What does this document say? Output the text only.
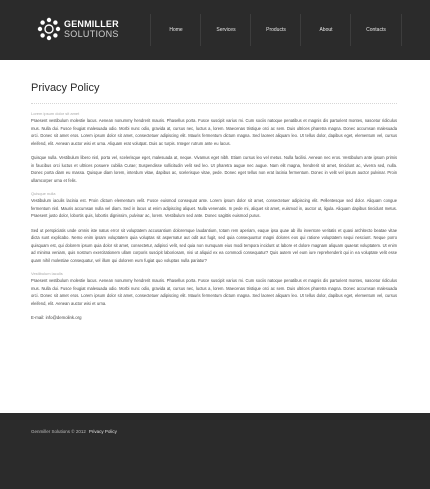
GENMILLER
SOLUTIONS	Home	Services	Products	About	Contacts
Privacy Policy

Lorem ipsum dolor sit amet

Praesent vestibulum molestie lacus. Aenean nonummy hendrerit mauris. Phasellus porta. Fusce suscipit varius mi. Cum sociis natoque penatibus et magnis dis parturient montes, nascetur ridiculus mus. Nulla dui. Fusce feugiat malesuada odio. Morbi nunc odio, gravida at, cursus nec, luctus a, lorem. Maecenas tristique orci ac sem. Duis ultrices pharetra magna. Donec accumsan malesuada orci. Donec sit amet eros. Lorem ipsum dolor sit amet, consectetuer adipiscing elit. Mauris fermentum dictum magna. Sed laoreet aliquam leo. Ut tellus dolor, dapibus eget, elementum vel, cursus eleifend, elit. Aenean auctor wisi et urna. Aliquam erat volutpat. Duis ac turpis. Integer rutrum ante eu lacus.

Quisque nulla. Vestibulum libero nisl, porta vel, scelerisque eget, malesuada at, neque. Vivamus eget nibh. Etiam cursus leo vel metus. Nulla facilisi. Aenean nec eros. Vestibulum ante ipsum primis in faucibus orci luctus et ultrices posuere cubilia Curae; Suspendisse sollicitudin velit sed leo. Ut pharetra augue nec augue. Nam elit magna, hendrerit sit amet, tincidunt ac, viverra sed, nulla. Donec porta diam eu massa. Quisque diam lorem, interdum vitae, dapibus ac, scelerisque vitae, pede. Donec eget tellus non erat lacinia fermentum. Donec in velit vel ipsum auctor pulvinar. Proin ullamcorper urna et felis.

Quisque nulla

Vestibulum iaculis lacinia est. Proin dictum elementum velit. Fusce euismod consequat ante. Lorem ipsum dolor sit amet, consectetuer adipiscing elit. Pellentesque sed dolor. Aliquam congue fermentum nisl. Mauris accumsan nulla vel diam. Sed in lacus ut enim adipiscing aliquet. Nulla venenatis. In pede mi, aliquet sit amet, euismod in, auctor ut, ligula. Aliquam dapibus tincidunt metus. Praesent justo dolor, lobortis quis, lobortis dignissim, pulvinar ac, lorem. Vestibulum sed ante. Donec sagittis euismod purus.

Sed ut perspiciatis unde omnis iste natus error sit voluptatem accusantium doloremque laudantium, totam rem aperiam, eaque ipsa quae ab illo inventore veritatis et quasi architecto beatae vitae dicta sunt explicabo. Nemo enim ipsam voluptatem quia voluptas sit aspernatur aut odit aut fugit, sed quia consequuntur magni dolores eos qui ratione voluptatem sequi nesciunt. Neque porro quisquam est, qui dolorem ipsum quia dolor sit amet, consectetur, adipisci velit, sed quia non numquam eius modi tempora incidunt ut labore et dolore magnam aliquam quaerat voluptatem. Ut enim ad minima veniam, quis nostrum exercitationem ullam corporis suscipit laboriosam, nisi ut aliquid ex ea commodi consequatur? Quis autem vel eum iure reprehenderit qui in ea voluptate velit esse quam nihil molestiae consequatur, vel illum qui dolorem eum fugiat quo voluptas nulla pariatur?

Vestibulum iaculis

Praesent vestibulum molestie lacus. Aenean nonummy hendrerit mauris. Phasellus porta. Fusce suscipit varius mi. Cum sociis natoque penatibus et magnis dis parturient montes, nascetur ridiculus mus. Nulla dui. Fusce feugiat malesuada odio. Morbi nunc odio, gravida at, cursus nec, luctus a, lorem. Maecenas tristique orci ac sem. Duis ultrices pharetra magna. Donec accumsan malesuada orci. Donec sit amet eros. Lorem ipsum dolor sit amet, consectetuer adipiscing elit. Mauris fermentum dictum magna. Sed laoreet aliquam leo. Ut tellus dolor, dapibus eget, elementum vel, cursus eleifend, elit. Aenean auctor wisi et urna.

E-mail: info@demolink.org
Genmiller Solutions © 2012 Privacy Policy
